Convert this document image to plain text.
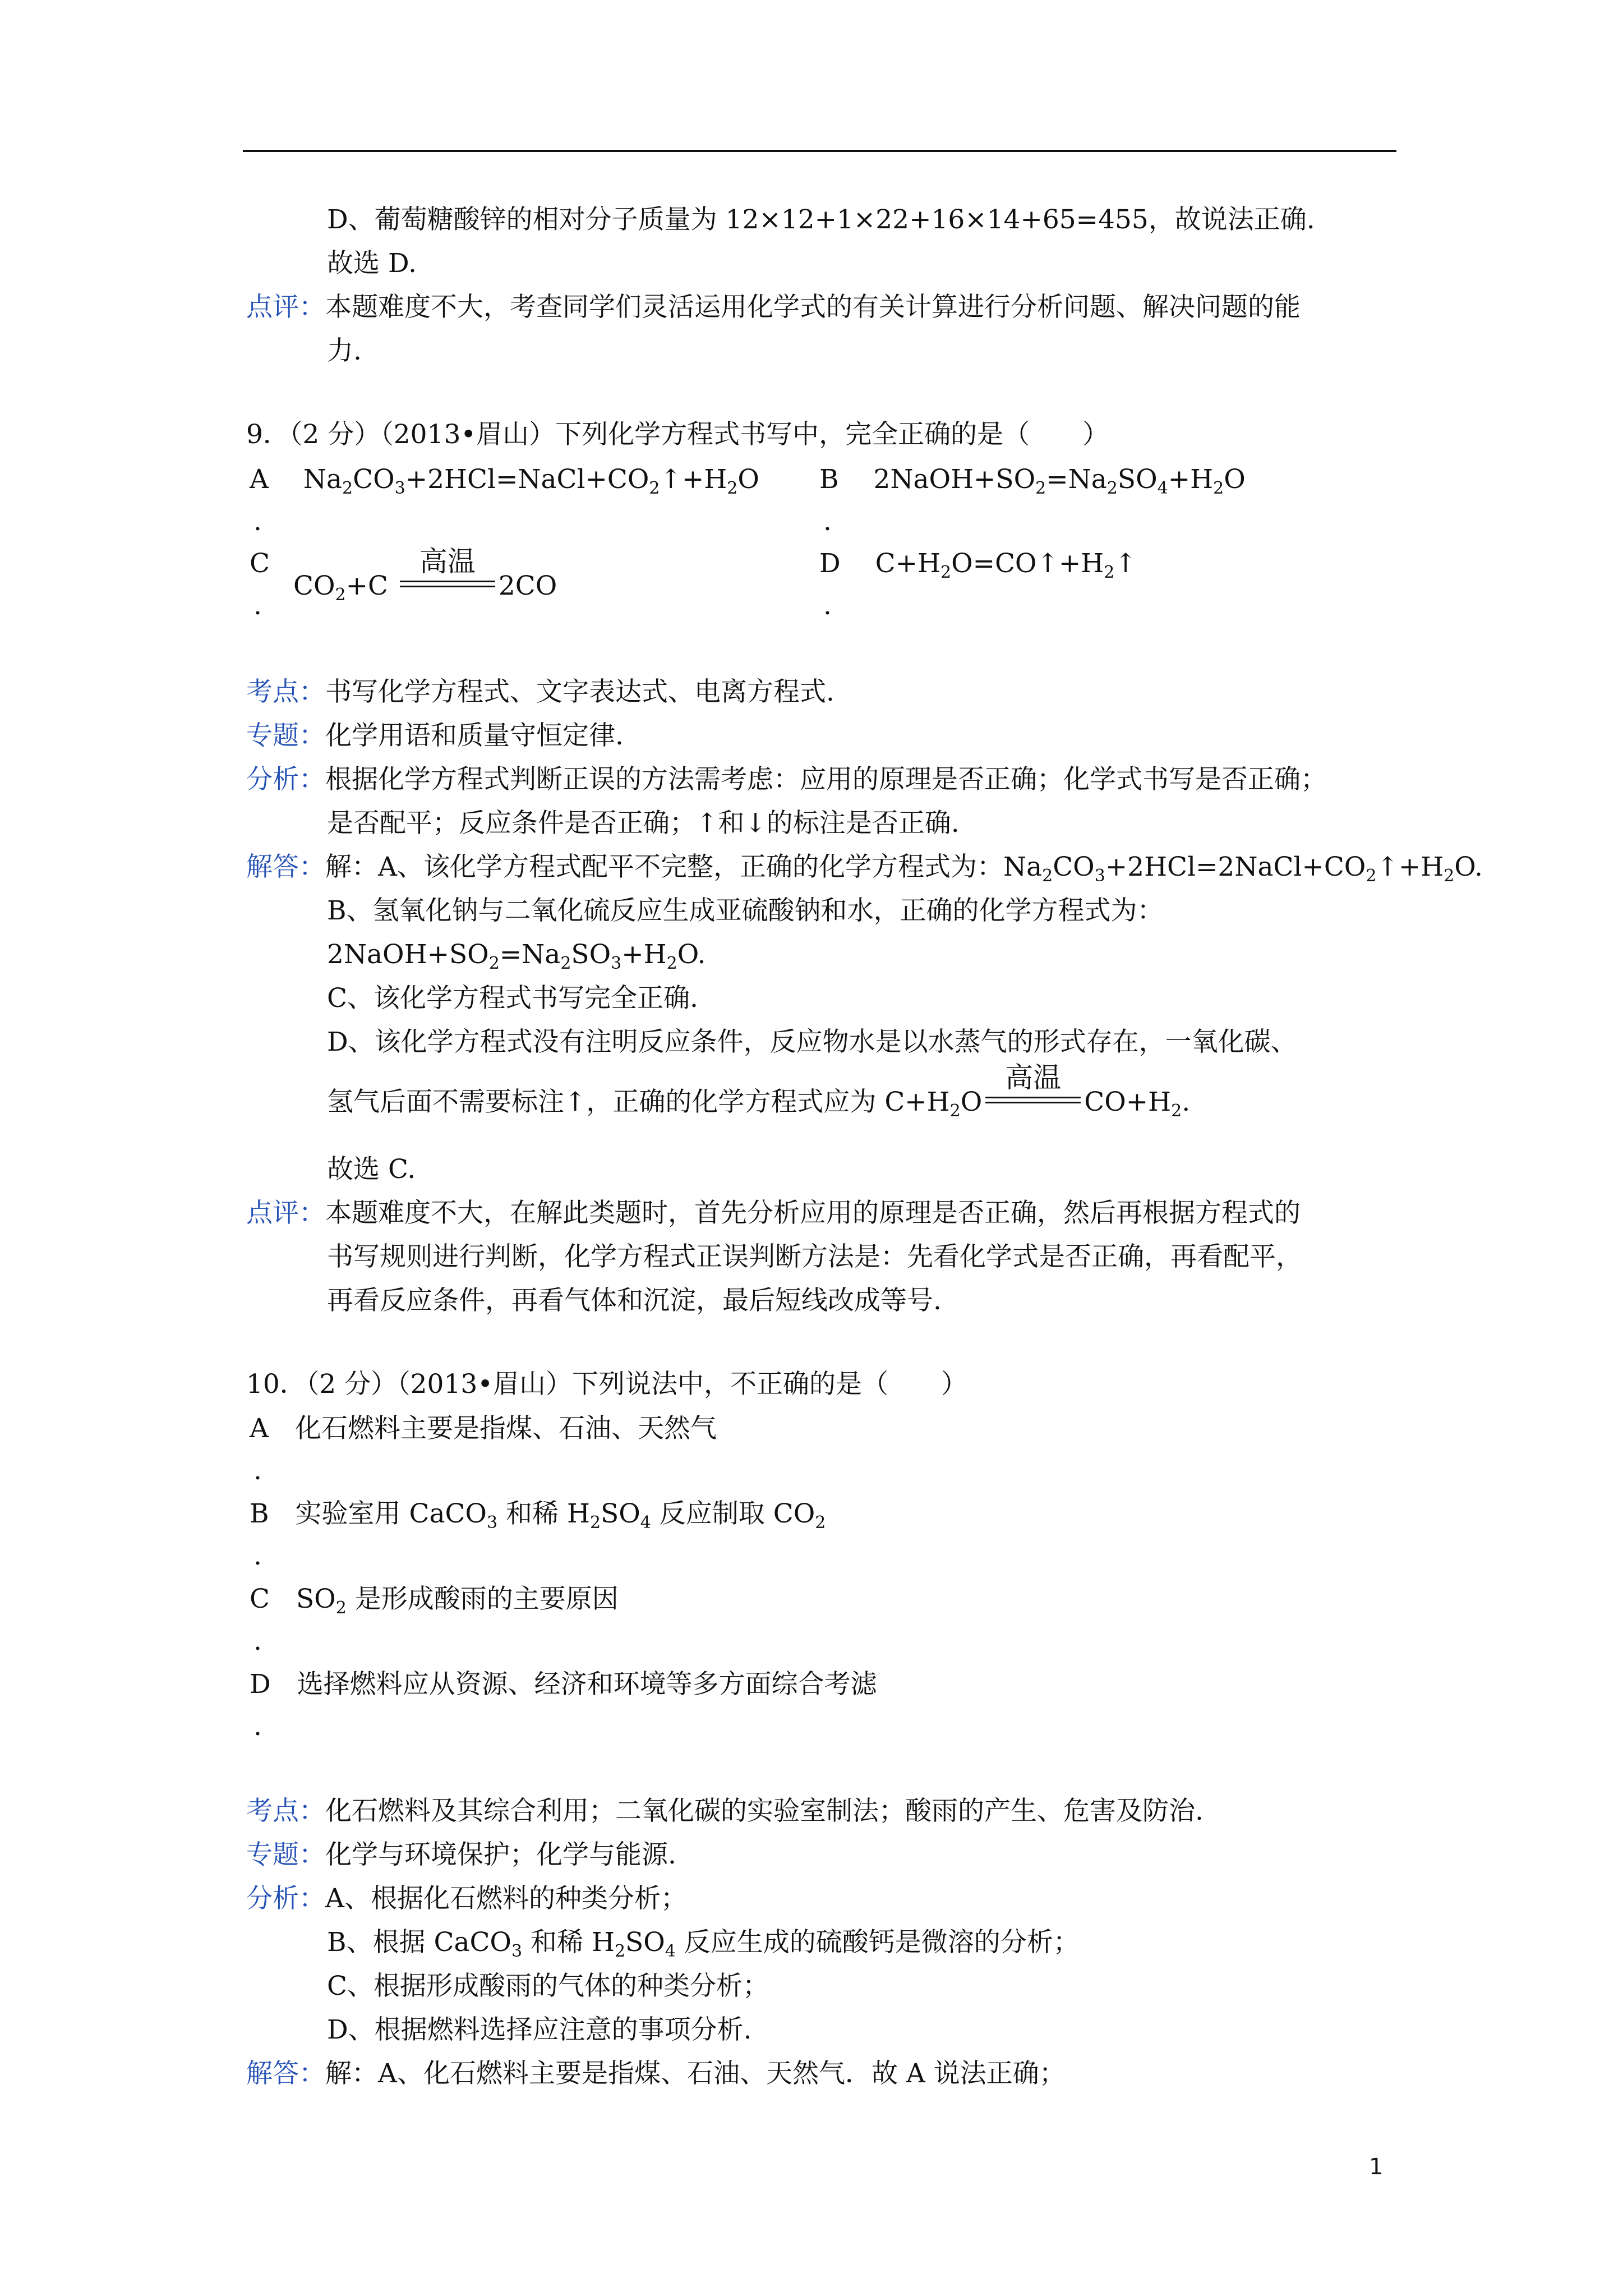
D、葡萄糖酸锌的相对分子质量为 12×12+1×22+16×14+65=455，故说法正确.
故选 D.
点评：本题难度不大，考查同学们灵活运用化学式的有关计算进行分析问题、解决问题的能
力.
9．（2 分）（2013•眉山）下列化学方程式书写中，完全正确的是（　　）
A　 $Na_2CO_3+2HCl=NaCl+CO_2↑+H_2O$
.
B　 $2NaOH+SO_2=Na_2SO_4+H_2O$
.
C
$CO_2+C$
高温
2CO
.
D　 $C+H_2O=CO↑+H_2↑$
.
考点：书写化学方程式、文字表达式、电离方程式.
专题：化学用语和质量守恒定律.
分析：根据化学方程式判断正误的方法需考虑：应用的原理是否正确；化学式书写是否正确；
是否配平；反应条件是否正确；↑和↓的标注是否正确.
解答：解：A、该化学方程式配平不完整，正确的化学方程式为：$Na_2CO_3+2HCl=2NaCl+CO_2↑+H_2O$.
B、氢氧化钠与二氧化硫反应生成亚硫酸钠和水，正确的化学方程式为：
$2NaOH+SO_2=Na_2SO_3+H_2O$.
C、该化学方程式书写完全正确.
D、该化学方程式没有注明反应条件，反应物水是以水蒸气的形式存在，一氧化碳、
氢气后面不需要标注↑，正确的化学方程式应为 $C+H_2O$
高温
$CO+H_2$.
故选 C.
点评：本题难度不大，在解此类题时，首先分析应用的原理是否正确，然后再根据方程式的
书写规则进行判断，化学方程式正误判断方法是：先看化学式是否正确，再看配平，
再看反应条件，再看气体和沉淀，最后短线改成等号.
10．（2 分）（2013•眉山）下列说法中，不正确的是（　　）
A　化石燃料主要是指煤、石油、天然气
.
B　实验室用 CaCO$_3$ 和稀 $H_2SO_4$ 反应制取 $CO_2$
.
C　$SO_2$ 是形成酸雨的主要原因
.
D　选择燃料应从资源、经济和环境等多方面综合考滤
.
考点：化石燃料及其综合利用；二氧化碳的实验室制法；酸雨的产生、危害及防治.
专题：化学与环境保护；化学与能源.
分析：A、根据化石燃料的种类分析；
B、根据 CaCO$_3$ 和稀 $H_2SO_4$ 反应生成的硫酸钙是微溶的分析；
C、根据形成酸雨的气体的种类分析；
D、根据燃料选择应注意的事项分析.
解答：解：A、化石燃料主要是指煤、石油、天然气．故 A 说法正确；
1
